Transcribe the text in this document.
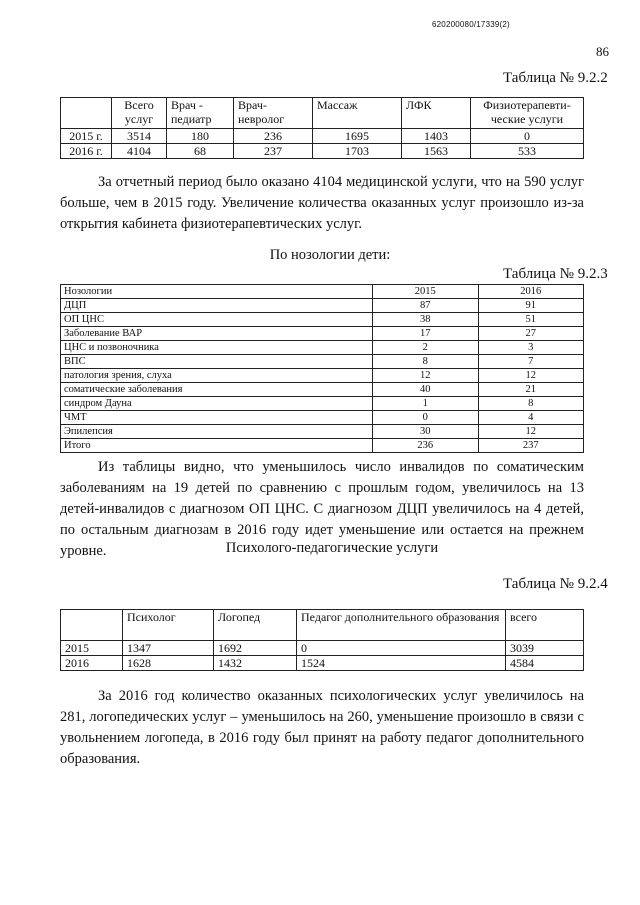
620200080/17339(2)
86
Таблица № 9.2.2
	Всего услуг	Врач - педиатр	Врач- невролог	Массаж	ЛФК	Физиотерапевти- ческие услуги
2015 г.	3514	180	236	1695	1403	0
2016 г.	4104	68	237	1703	1563	533

За отчетный период было оказано 4104 медицинской услуги, что на 590 услуг больше, чем в 2015 году. Увеличение количества оказанных услуг произошло из-за открытия кабинета физиотерапевтических услуг.

По нозологии дети:
Таблица № 9.2.3
Нозологии	2015	2016
ДЦП	87	91
ОП ЦНС	38	51
Заболевание ВАР	17	27
ЦНС и позвоночника	2	3
ВПС	8	7
патология зрения, слуха	12	12
соматические заболевания	40	21
синдром Дауна	1	8
ЧМТ	0	4
Эпилепсия	30	12
Итого	236	237

Из таблицы видно, что уменьшилось число инвалидов по соматическим заболеваниям на 19 детей по сравнению с прошлым годом, увеличилось на 13 детей-инвалидов с диагнозом ОП ЦНС. С диагнозом ДЦП увеличилось на 4 детей, по остальным диагнозам в 2016 году идет уменьшение или остается на прежнем уровне.	Психолого-педагогические услуги
Таблица № 9.2.4
	Психолог	Логопед	Педагог дополнительного образования	всего
2015	1347	1692	0	3039
2016	1628	1432	1524	4584

За 2016 год количество оказанных психологических услуг увеличилось на 281, логопедических услуг – уменьшилось на 260, уменьшение произошло в связи с увольнением логопеда, в 2016 году был принят на работу педагог дополнительного образования.
